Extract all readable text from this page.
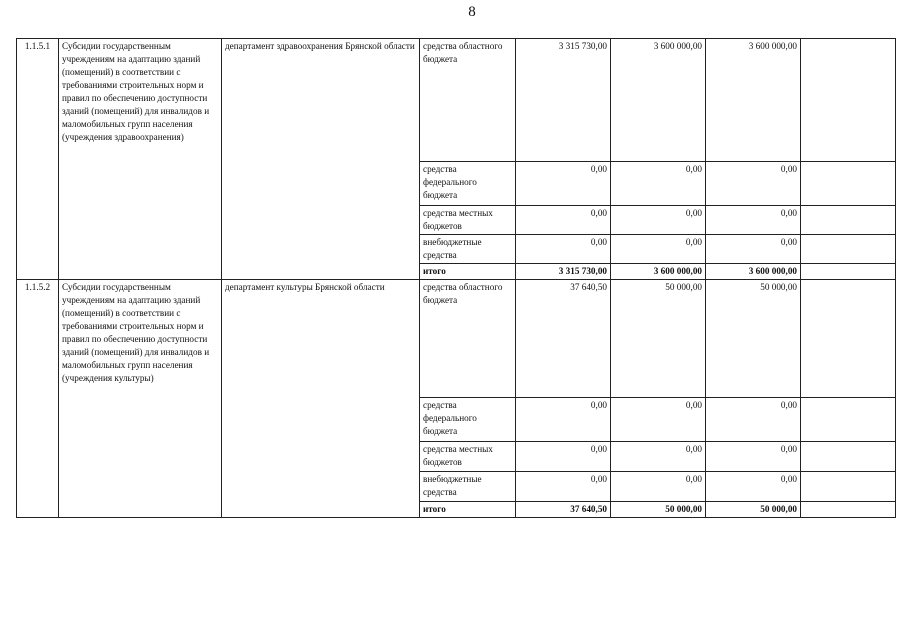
8
1.1.5.1	Субсидии государственным учреждениям на адаптацию зданий (помещений) в соответствии с требованиями строительных норм и правил по обеспечению доступности зданий (помещений) для инвалидов и маломобильных групп населения (учреждения здравоохранения)	департамент здравоохранения Брянской области	средства областного бюджета	3 315 730,00	3 600 000,00	3 600 000,00	
			средства федерального бюджета	0,00	0,00	0,00	
			средства местных бюджетов	0,00	0,00	0,00	
			внебюджетные средства	0,00	0,00	0,00	
			итого	3 315 730,00	3 600 000,00	3 600 000,00	
1.1.5.2	Субсидии государственным учреждениям на адаптацию зданий (помещений) в соответствии с требованиями строительных норм и правил по обеспечению доступности зданий (помещений) для инвалидов и маломобильных групп населения (учреждения культуры)	департамент культуры Брянской области	средства областного бюджета	37 640,50	50 000,00	50 000,00	
			средства федерального бюджета	0,00	0,00	0,00	
			средства местных бюджетов	0,00	0,00	0,00	
			внебюджетные средства	0,00	0,00	0,00	
			итого	37 640,50	50 000,00	50 000,00	
